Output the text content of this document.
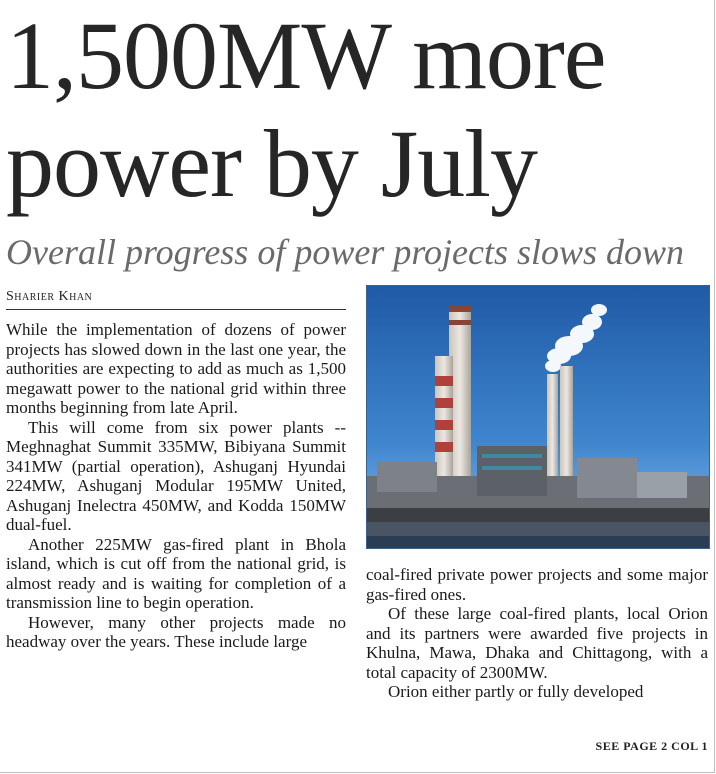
1,500MW more power by July
Overall progress of power projects slows down
Sharier Khan

While the implementation of dozens of power projects has slowed down in the last one year, the authorities are expecting to add as much as 1,500 megawatt power to the national grid within three months beginning from late April.

This will come from six power plants -- Meghnaghat Summit 335MW, Bibiyana Summit 341MW (partial operation), Ashuganj Hyundai 224MW, Ashuganj Modular 195MW United, Ashuganj Inelectra 450MW, and Kodda 150MW dual-fuel.

Another 225MW gas-fired plant in Bhola island, which is cut off from the national grid, is almost ready and is waiting for completion of a transmission line to begin operation.

However, many other projects made no headway over the years. These include large

coal-fired private power projects and some major gas-fired ones.

Of these large coal-fired plants, local Orion and its partners were awarded five projects in Khulna, Mawa, Dhaka and Chittagong, with a total capacity of 2300MW.

Orion either partly or fully developed

SEE PAGE 2 COL 1
